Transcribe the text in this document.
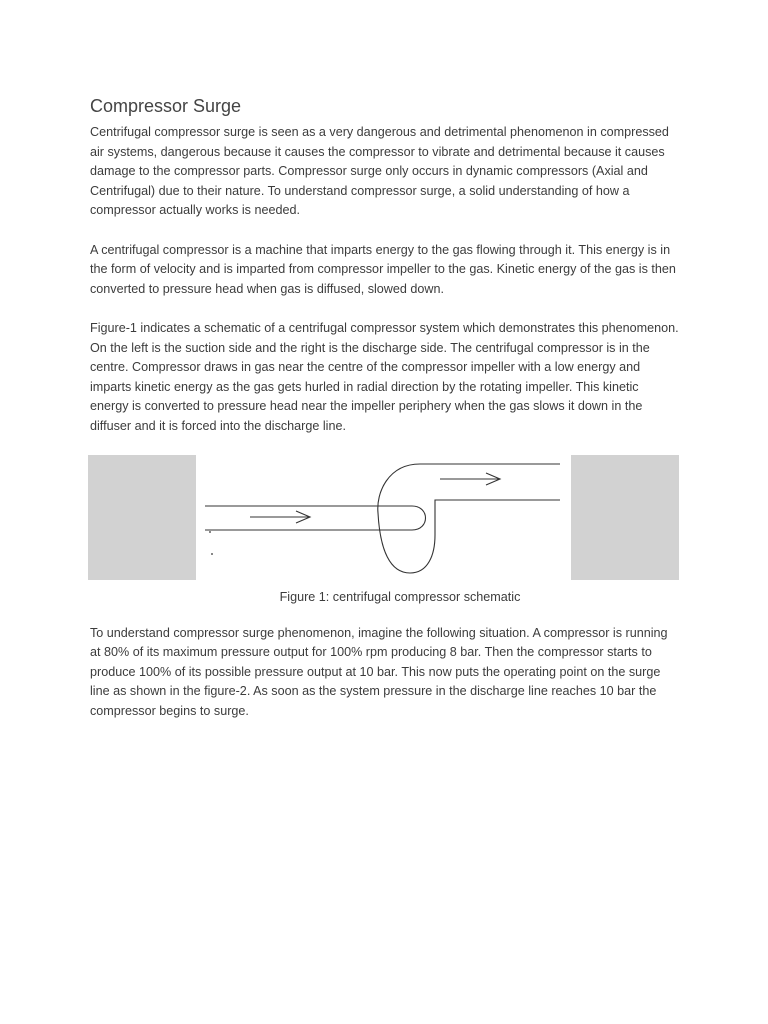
Compressor Surge

Centrifugal compressor surge is seen as a very dangerous and detrimental phenomenon in compressed air systems, dangerous because it causes the compressor to vibrate and detrimental because it causes damage to the compressor parts. Compressor surge only occurs in dynamic compressors (Axial and Centrifugal) due to their nature. To understand compressor surge, a solid understanding of how a compressor actually works is needed.

A centrifugal compressor is a machine that imparts energy to the gas flowing through it. This energy is in the form of velocity and is imparted from compressor impeller to the gas. Kinetic energy of the gas is then converted to pressure head when gas is diffused, slowed down.

Figure-1 indicates a schematic of a centrifugal compressor system which demonstrates this phenomenon. On the left is the suction side and the right is the discharge side. The centrifugal compressor is in the centre. Compressor draws in gas near the centre of the compressor impeller with a low energy and imparts kinetic energy as the gas gets hurled in radial direction by the rotating impeller. This kinetic energy is converted to pressure head near the impeller periphery when the gas slows it down in the diffuser and it is forced into the discharge line.

Figure 1: centrifugal compressor schematic

To understand compressor surge phenomenon, imagine the following situation. A compressor is running at 80% of its maximum pressure output for 100% rpm producing 8 bar. Then the compressor starts to produce 100% of its possible pressure output at 10 bar. This now puts the operating point on the surge line as shown in the figure-2. As soon as the system pressure in the discharge line reaches 10 bar the compressor begins to surge.
